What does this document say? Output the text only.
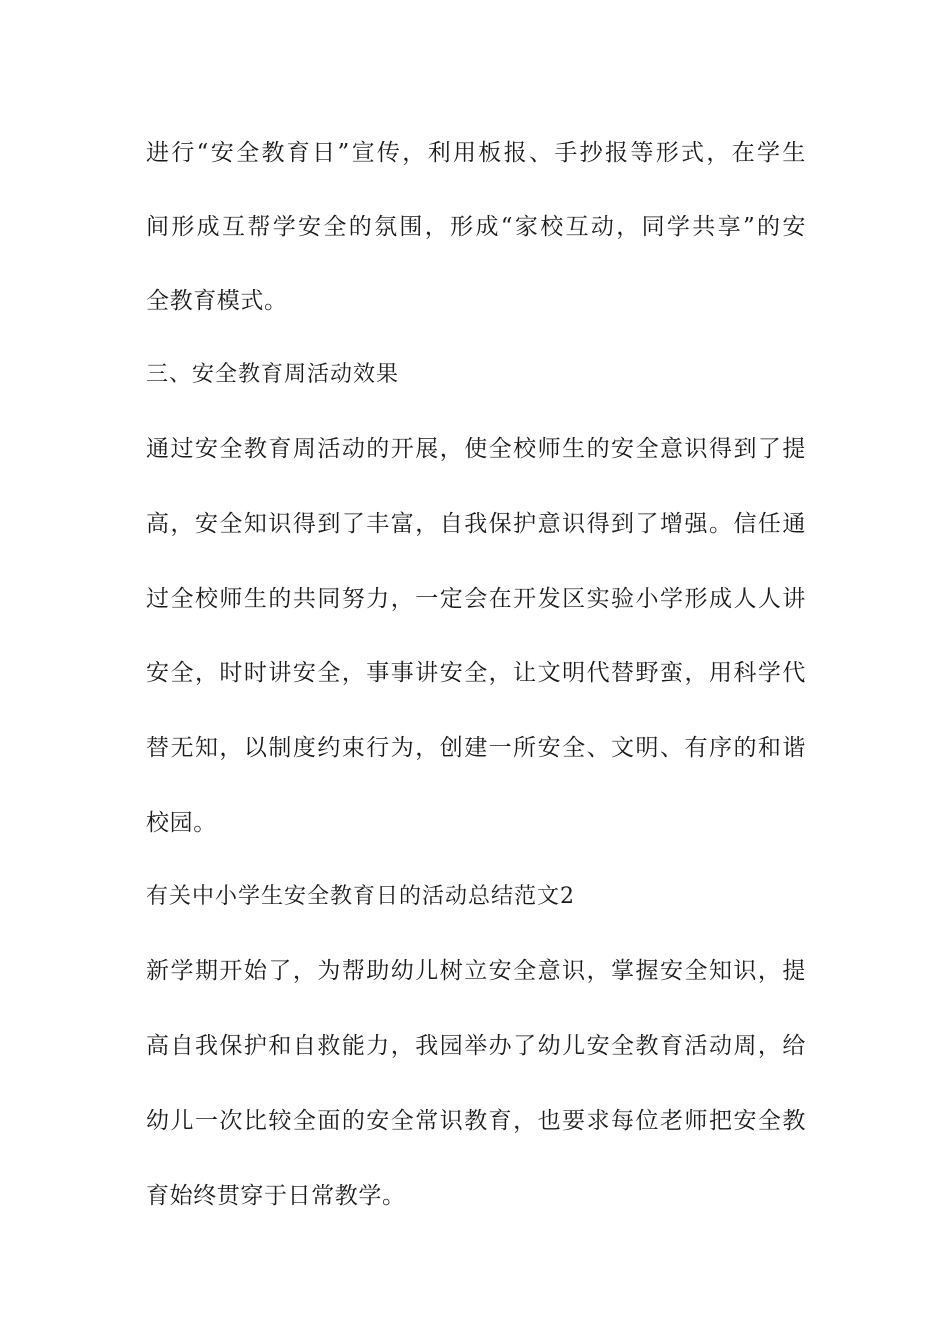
进行“安全教育日”宣传，利用板报、手抄报等形式，在学生
间形成互帮学安全的氛围，形成“家校互动，同学共享”的安
全教育模式。
三、安全教育周活动效果
通过安全教育周活动的开展，使全校师生的安全意识得到了提
高，安全知识得到了丰富，自我保护意识得到了增强。信任通
过全校师生的共同努力，一定会在开发区实验小学形成人人讲
安全，时时讲安全，事事讲安全，让文明代替野蛮，用科学代
替无知，以制度约束行为，创建一所安全、文明、有序的和谐
校园。
有关中小学生安全教育日的活动总结范文2
新学期开始了，为帮助幼儿树立安全意识，掌握安全知识，提
高自我保护和自救能力，我园举办了幼儿安全教育活动周，给
幼儿一次比较全面的安全常识教育，也要求每位老师把安全教
育始终贯穿于日常教学。
